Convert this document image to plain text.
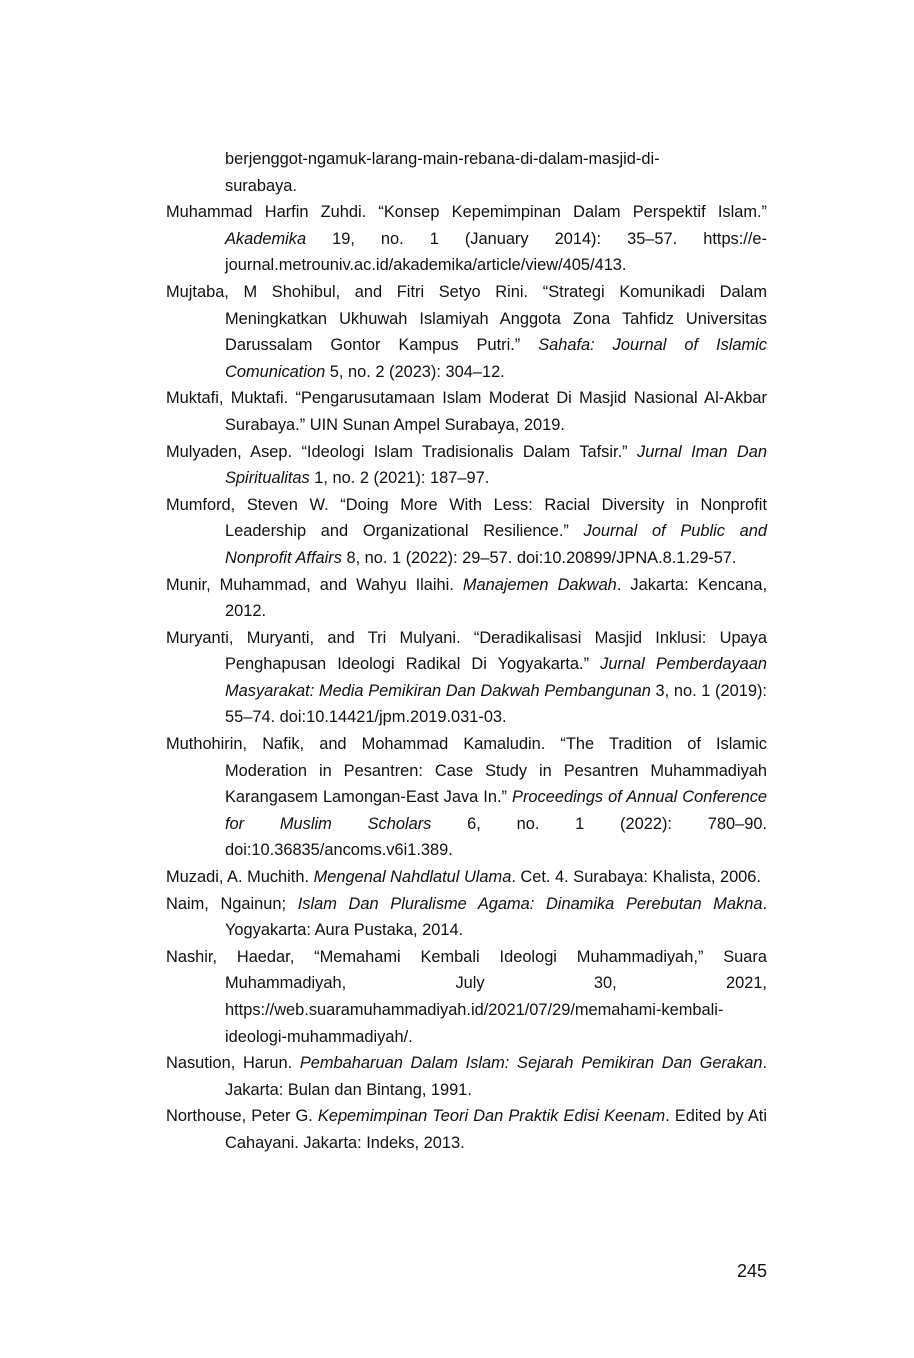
berjenggot-ngamuk-larang-main-rebana-di-dalam-masjid-di-
surabaya.
Muhammad Harfin Zuhdi. “Konsep Kepemimpinan Dalam Perspektif Islam.” Akademika 19, no. 1 (January 2014): 35–57. https://e-journal.metrouniv.ac.id/akademika/article/view/405/413.
Mujtaba, M Shohibul, and Fitri Setyo Rini. “Strategi Komunikadi Dalam Meningkatkan Ukhuwah Islamiyah Anggota Zona Tahfidz Universitas Darussalam Gontor Kampus Putri.” Sahafa: Journal of Islamic Comunication 5, no. 2 (2023): 304–12.
Muktafi, Muktafi. “Pengarusutamaan Islam Moderat Di Masjid Nasional Al-Akbar Surabaya.” UIN Sunan Ampel Surabaya, 2019.
Mulyaden, Asep. “Ideologi Islam Tradisionalis Dalam Tafsir.” Jurnal Iman Dan Spiritualitas 1, no. 2 (2021): 187–97.
Mumford, Steven W. “Doing More With Less: Racial Diversity in Nonprofit Leadership and Organizational Resilience.” Journal of Public and Nonprofit Affairs 8, no. 1 (2022): 29–57. doi:10.20899/JPNA.8.1.29-57.
Munir, Muhammad, and Wahyu Ilaihi. Manajemen Dakwah. Jakarta: Kencana, 2012.
Muryanti, Muryanti, and Tri Mulyani. “Deradikalisasi Masjid Inklusi: Upaya Penghapusan Ideologi Radikal Di Yogyakarta.” Jurnal Pemberdayaan Masyarakat: Media Pemikiran Dan Dakwah Pembangunan 3, no. 1 (2019): 55–74. doi:10.14421/jpm.2019.031-03.
Muthohirin, Nafik, and Mohammad Kamaludin. “The Tradition of Islamic Moderation in Pesantren: Case Study in Pesantren Muhammadiyah Karangasem Lamongan-East Java In.” Proceedings of Annual Conference for Muslim Scholars 6, no. 1 (2022): 780–90. doi:10.36835/ancoms.v6i1.389.
Muzadi, A. Muchith. Mengenal Nahdlatul Ulama. Cet. 4. Surabaya: Khalista, 2006.
Naim, Ngainun; Islam Dan Pluralisme Agama: Dinamika Perebutan Makna. Yogyakarta: Aura Pustaka, 2014.
Nashir, Haedar, “Memahami Kembali Ideologi Muhammadiyah,” Suara Muhammadiyah, July 30, 2021, https://web.suaramuhammadiyah.id/2021/07/29/memahami-kembali-ideologi-muhammadiyah/.
Nasution, Harun. Pembaharuan Dalam Islam: Sejarah Pemikiran Dan Gerakan. Jakarta: Bulan dan Bintang, 1991.
Northouse, Peter G. Kepemimpinan Teori Dan Praktik Edisi Keenam. Edited by Ati Cahayani. Jakarta: Indeks, 2013.
245
